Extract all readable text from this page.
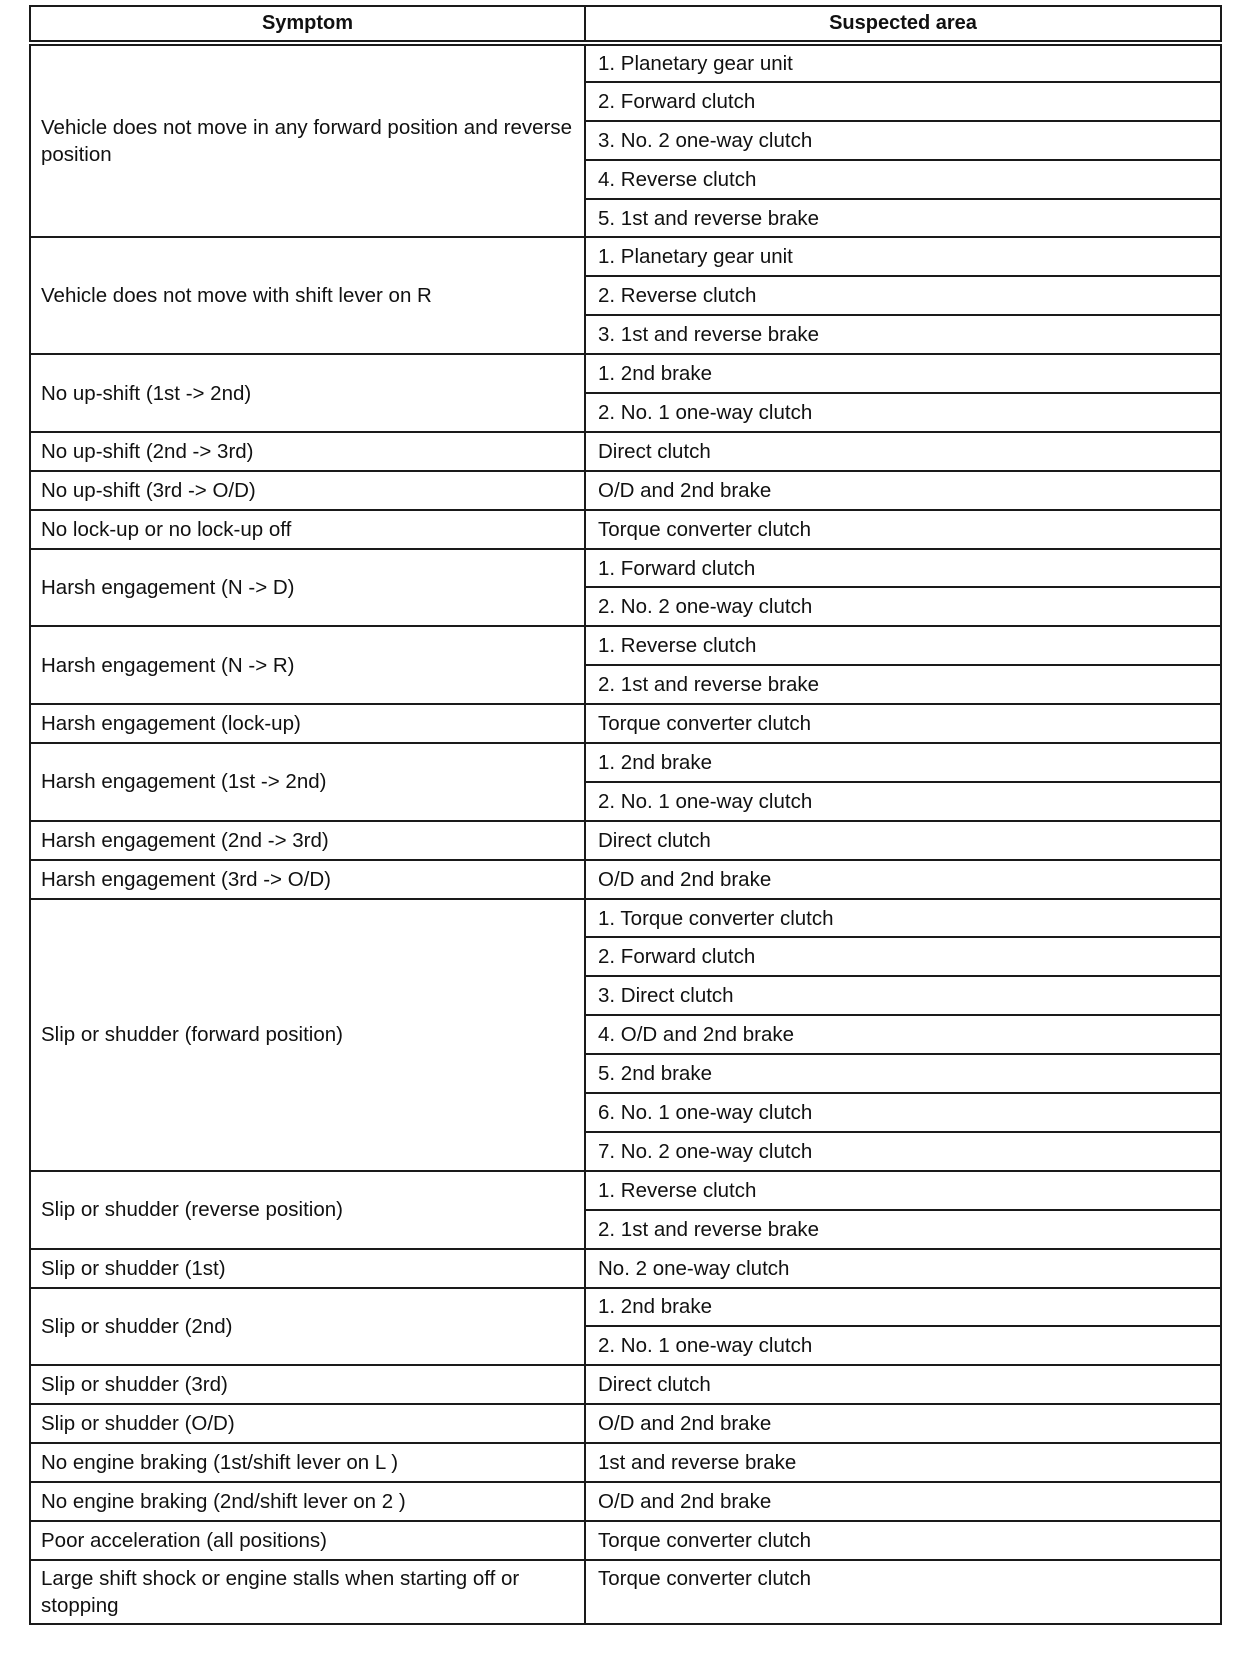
Symptom	Suspected area
Vehicle does not move in any forward position and reverse position	1. Planetary gear unit
	2. Forward clutch
	3. No. 2 one-way clutch
	4. Reverse clutch
	5. 1st and reverse brake
Vehicle does not move with shift lever on R	1. Planetary gear unit
	2. Reverse clutch
	3. 1st and reverse brake
No up-shift (1st -> 2nd)	1. 2nd brake
	2. No. 1 one-way clutch
No up-shift (2nd -> 3rd)	Direct clutch
No up-shift (3rd -> O/D)	O/D and 2nd brake
No lock-up or no lock-up off	Torque converter clutch
Harsh engagement (N -> D)	1. Forward clutch
	2. No. 2 one-way clutch
Harsh engagement (N -> R)	1. Reverse clutch
	2. 1st and reverse brake
Harsh engagement (lock-up)	Torque converter clutch
Harsh engagement (1st -> 2nd)	1. 2nd brake
	2. No. 1 one-way clutch
Harsh engagement (2nd -> 3rd)	Direct clutch
Harsh engagement (3rd -> O/D)	O/D and 2nd brake
Slip or shudder (forward position)	1. Torque converter clutch
	2. Forward clutch
	3. Direct clutch
	4. O/D and 2nd brake
	5. 2nd brake
	6. No. 1 one-way clutch
	7. No. 2 one-way clutch
Slip or shudder (reverse position)	1. Reverse clutch
	2. 1st and reverse brake
Slip or shudder (1st)	No. 2 one-way clutch
Slip or shudder (2nd)	1. 2nd brake
	2. No. 1 one-way clutch
Slip or shudder (3rd)	Direct clutch
Slip or shudder (O/D)	O/D and 2nd brake
No engine braking (1st/shift lever on L )	1st and reverse brake
No engine braking (2nd/shift lever on 2 )	O/D and 2nd brake
Poor acceleration (all positions)	Torque converter clutch
Large shift shock or engine stalls when starting off or stopping	Torque converter clutch
